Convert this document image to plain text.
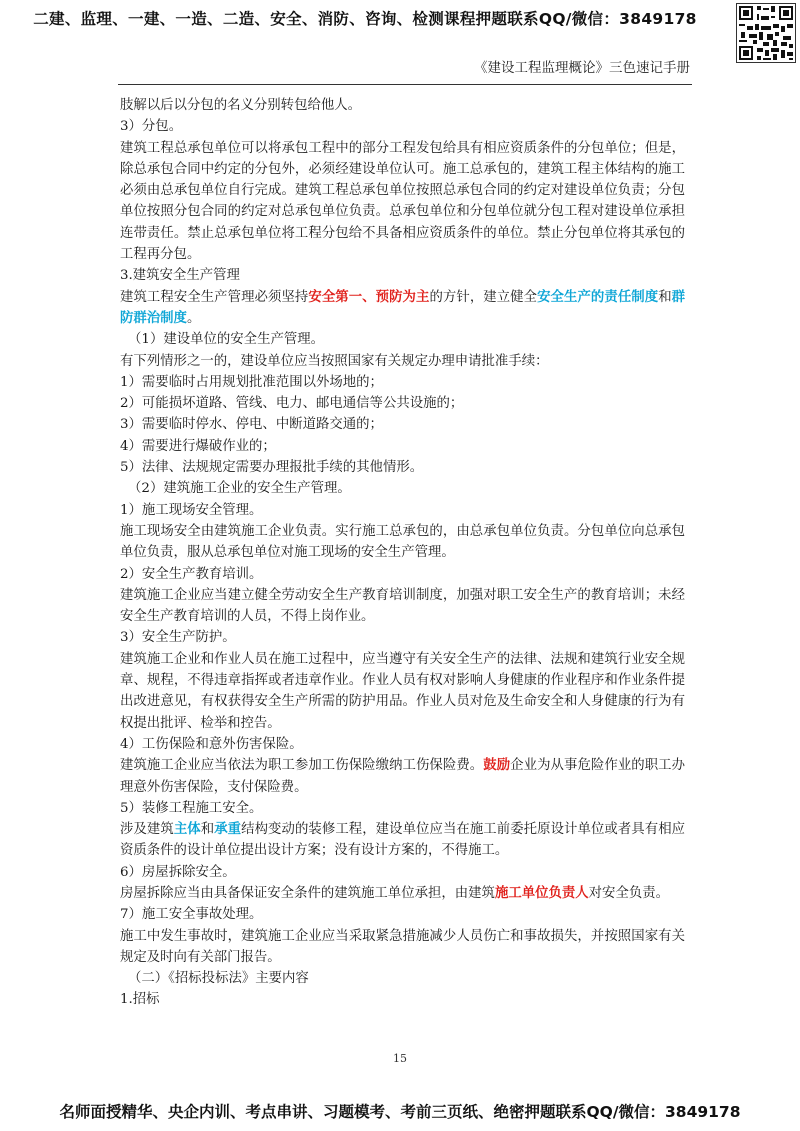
二建、监理、一建、一造、二造、安全、消防、咨询、检测课程押题联系QQ/微信：3849178
《建设工程监理概论》三色速记手册

肢解以后以分包的名义分别转包给他人。

3）分包。

建筑工程总承包单位可以将承包工程中的部分工程发包给具有相应资质条件的分包单位；但是，除总承包合同中约定的分包外，必须经建设单位认可。施工总承包的，建筑工程主体结构的施工必须由总承包单位自行完成。建筑工程总承包单位按照总承包合同的约定对建设单位负责；分包单位按照分包合同的约定对总承包单位负责。总承包单位和分包单位就分包工程对建设单位承担连带责任。禁止总承包单位将工程分包给不具备相应资质条件的单位。禁止分包单位将其承包的工程再分包。

3.建筑安全生产管理

建筑工程安全生产管理必须坚持安全第一、预防为主的方针，建立健全安全生产的责任制度和群防群治制度。

（1）建设单位的安全生产管理。

有下列情形之一的，建设单位应当按照国家有关规定办理申请批准手续：

1）需要临时占用规划批准范围以外场地的；

2）可能损坏道路、管线、电力、邮电通信等公共设施的；

3）需要临时停水、停电、中断道路交通的；

4）需要进行爆破作业的；

5）法律、法规规定需要办理报批手续的其他情形。

（2）建筑施工企业的安全生产管理。

1）施工现场安全管理。

施工现场安全由建筑施工企业负责。实行施工总承包的，由总承包单位负责。分包单位向总承包单位负责，服从总承包单位对施工现场的安全生产管理。

2）安全生产教育培训。

建筑施工企业应当建立健全劳动安全生产教育培训制度，加强对职工安全生产的教育培训；未经安全生产教育培训的人员，不得上岗作业。

3）安全生产防护。

建筑施工企业和作业人员在施工过程中，应当遵守有关安全生产的法律、法规和建筑行业安全规章、规程，不得违章指挥或者违章作业。作业人员有权对影响人身健康的作业程序和作业条件提出改进意见，有权获得安全生产所需的防护用品。作业人员对危及生命安全和人身健康的行为有权提出批评、检举和控告。

4）工伤保险和意外伤害保险。

建筑施工企业应当依法为职工参加工伤保险缴纳工伤保险费。鼓励企业为从事危险作业的职工办理意外伤害保险，支付保险费。

5）装修工程施工安全。

涉及建筑主体和承重结构变动的装修工程，建设单位应当在施工前委托原设计单位或者具有相应资质条件的设计单位提出设计方案；没有设计方案的，不得施工。

6）房屋拆除安全。

房屋拆除应当由具备保证安全条件的建筑施工单位承担，由建筑施工单位负责人对安全负责。

7）施工安全事故处理。

施工中发生事故时，建筑施工企业应当采取紧急措施减少人员伤亡和事故损失，并按照国家有关规定及时向有关部门报告。

（二）《招标投标法》主要内容

1.招标

15
名师面授精华、央企内训、考点串讲、习题模考、考前三页纸、绝密押题联系QQ/微信：3849178
